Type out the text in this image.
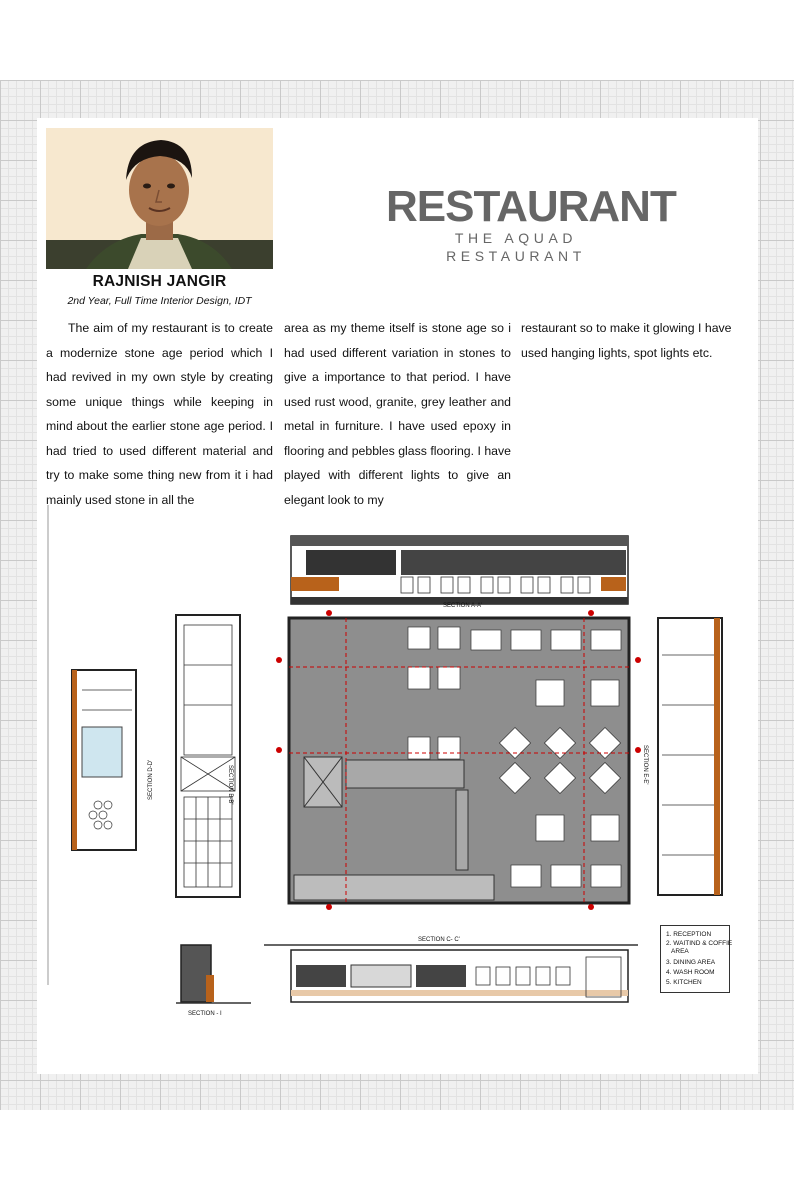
RAJNISH JANGIR
2nd Year, Full Time Interior Design, IDT
RESTAURANT
THE AQUAD RESTAURANT
The aim of my restaurant is to create a modernize stone age period which I had revived in my own style by creating some unique things while keeping in mind about the earlier stone age period. I had tried to used different material and try to make some thing new from it i had mainly used stone in all the
area as my theme itself is stone age so i had used different variation in stones to give a importance to that period. I have used rust wood, granite, grey leather and metal in furniture. I have used epoxy in flooring and pebbles glass flooring. I have played with different lights to give an elegant look to my
restaurant so to make it glowing I have used hanging lights, spot lights etc.
SECTION A-A'
SECTION B-B'
SECTION D-D'	SECTION E-E'
SECTION C- C'
SECTION - I
1. RECEPTION
2. WAITIND & COFFIE
AREA
3. DINING AREA
4. WASH ROOM
5. KITCHEN
